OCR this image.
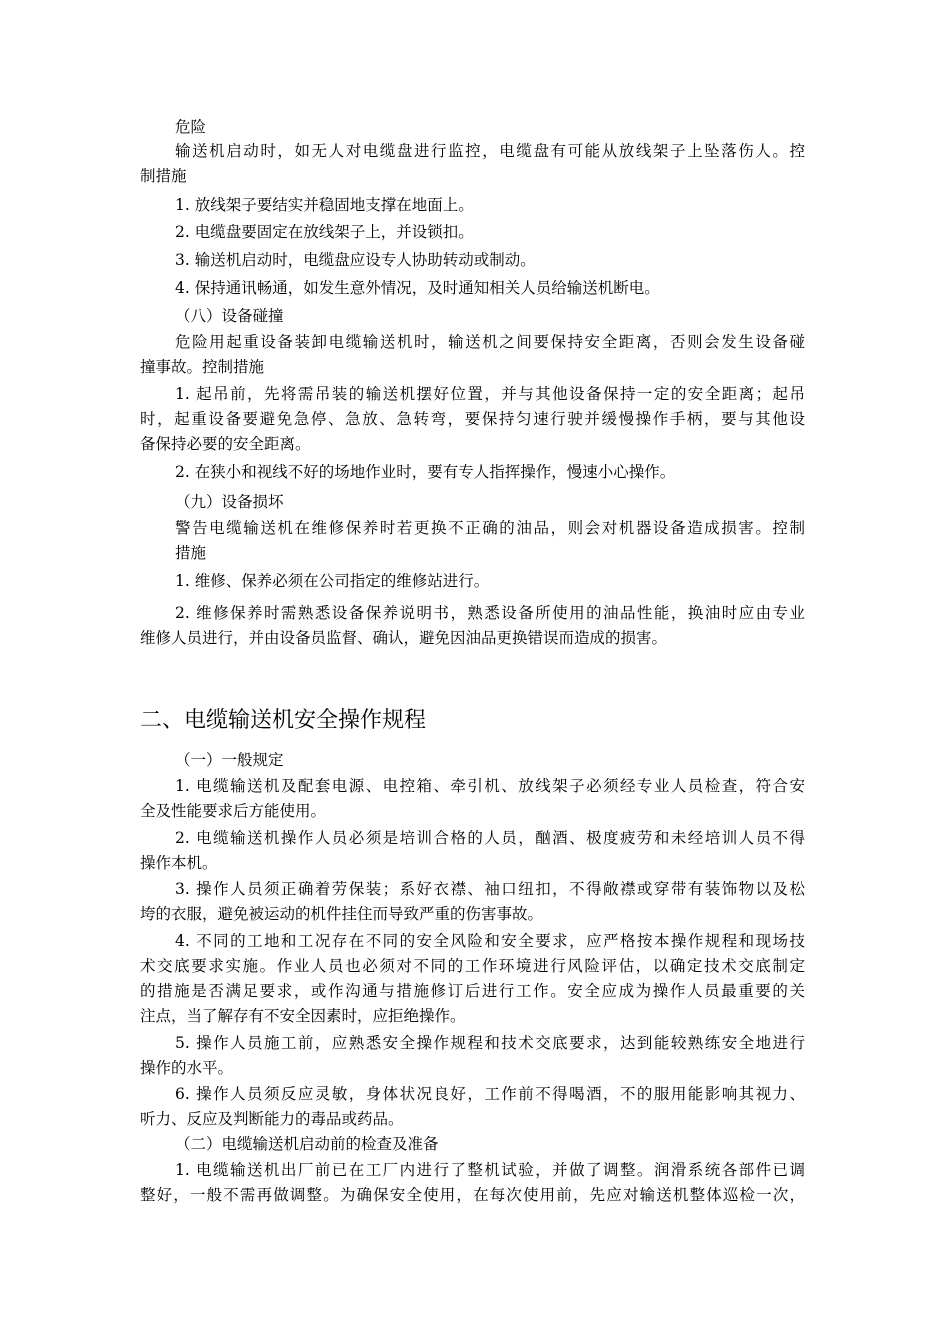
危险
输送机启动时，如无人对电缆盘进行监控，电缆盘有可能从放线架子上坠落伤人。控
制措施
1. 放线架子要结实并稳固地支撑在地面上。
2. 电缆盘要固定在放线架子上，并设锁扣。
3. 输送机启动时，电缆盘应设专人协助转动或制动。
4. 保持通讯畅通，如发生意外情况，及时通知相关人员给输送机断电。
（八）设备碰撞
危险用起重设备装卸电缆输送机时，输送机之间要保持安全距离，否则会发生设备碰
撞事故。控制措施
1. 起吊前，先将需吊装的输送机摆好位置，并与其他设备保持一定的安全距离；起吊
时，起重设备要避免急停、急放、急转弯，要保持匀速行驶并缓慢操作手柄，要与其他设
备保持必要的安全距离。
2. 在狭小和视线不好的场地作业时，要有专人指挥操作，慢速小心操作。
（九）设备损坏
警告电缆输送机在维修保养时若更换不正确的油品，则会对机器设备造成损害。控制
措施
1. 维修、保养必须在公司指定的维修站进行。
2. 维修保养时需熟悉设备保养说明书，熟悉设备所使用的油品性能，换油时应由专业
维修人员进行，并由设备员监督、确认，避免因油品更换错误而造成的损害。
二、电缆输送机安全操作规程
（一）一般规定
1. 电缆输送机及配套电源、电控箱、牵引机、放线架子必须经专业人员检查，符合安
全及性能要求后方能使用。
2. 电缆输送机操作人员必须是培训合格的人员，酗酒、极度疲劳和未经培训人员不得
操作本机。
3. 操作人员须正确着劳保装；系好衣襟、袖口纽扣，不得敞襟或穿带有装饰物以及松
垮的衣服，避免被运动的机件挂住而导致严重的伤害事故。
4. 不同的工地和工况存在不同的安全风险和安全要求，应严格按本操作规程和现场技
术交底要求实施。作业人员也必须对不同的工作环境进行风险评估，以确定技术交底制定
的措施是否满足要求，或作沟通与措施修订后进行工作。安全应成为操作人员最重要的关
注点，当了解存有不安全因素时，应拒绝操作。
5. 操作人员施工前，应熟悉安全操作规程和技术交底要求，达到能较熟练安全地进行
操作的水平。
6. 操作人员须反应灵敏，身体状况良好，工作前不得喝酒，不的服用能影响其视力、
听力、反应及判断能力的毒品或药品。
（二）电缆输送机启动前的检查及准备
1. 电缆输送机出厂前已在工厂内进行了整机试验，并做了调整。润滑系统各部件已调
整好，一般不需再做调整。为确保安全使用，在每次使用前，先应对输送机整体巡检一次，
